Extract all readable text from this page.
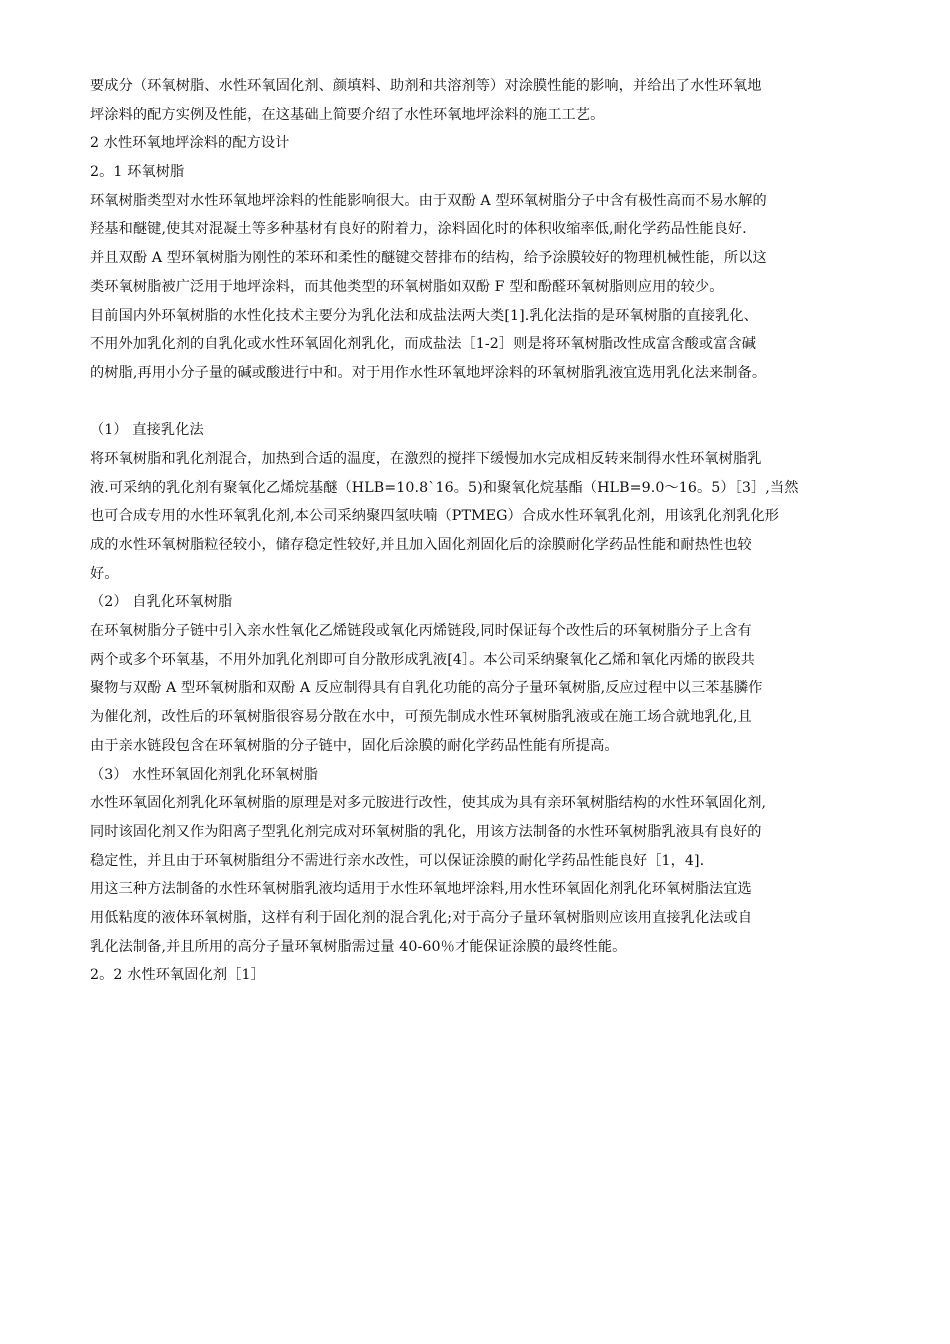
要成分（环氧树脂、水性环氧固化剂、颜填料、助剂和共溶剂等）对涂膜性能的影响，并给出了水性环氧地
坪涂料的配方实例及性能，在这基础上简要介绍了水性环氧地坪涂料的施工工艺。
2 水性环氧地坪涂料的配方设计
2。1 环氧树脂
环氧树脂类型对水性环氧地坪涂料的性能影响很大。由于双酚 A 型环氧树脂分子中含有极性高而不易水解的
羟基和醚键,使其对混凝土等多种基材有良好的附着力，涂料固化时的体积收缩率低,耐化学药品性能良好.
并且双酚 A 型环氧树脂为刚性的苯环和柔性的醚键交替排布的结构，给予涂膜较好的物理机械性能，所以这
类环氧树脂被广泛用于地坪涂料，而其他类型的环氧树脂如双酚 F 型和酚醛环氧树脂则应用的较少。
目前国内外环氧树脂的水性化技术主要分为乳化法和成盐法两大类[1].乳化法指的是环氧树脂的直接乳化、
不用外加乳化剂的自乳化或水性环氧固化剂乳化，而成盐法［1-2］则是将环氧树脂改性成富含酸或富含碱
的树脂,再用小分子量的碱或酸进行中和。对于用作水性环氧地坪涂料的环氧树脂乳液宜选用乳化法来制备。
（1） 直接乳化法
将环氧树脂和乳化剂混合，加热到合适的温度，在激烈的搅拌下缓慢加水完成相反转来制得水性环氧树脂乳
液.可采纳的乳化剂有聚氧化乙烯烷基醚（HLB=10.8`16。5)和聚氧化烷基酯（HLB=9.0～16。5）［3］,当然
也可合成专用的水性环氧乳化剂,本公司采纳聚四氢呋喃（PTMEG）合成水性环氧乳化剂，用该乳化剂乳化形
成的水性环氧树脂粒径较小，储存稳定性较好,并且加入固化剂固化后的涂膜耐化学药品性能和耐热性也较
好。
（2） 自乳化环氧树脂
在环氧树脂分子链中引入亲水性氧化乙烯链段或氧化丙烯链段,同时保证每个改性后的环氧树脂分子上含有
两个或多个环氧基，不用外加乳化剂即可自分散形成乳液[4］。本公司采纳聚氧化乙烯和氧化丙烯的嵌段共
聚物与双酚 A 型环氧树脂和双酚 A 反应制得具有自乳化功能的高分子量环氧树脂,反应过程中以三苯基膦作
为催化剂，改性后的环氧树脂很容易分散在水中，可预先制成水性环氧树脂乳液或在施工场合就地乳化,且
由于亲水链段包含在环氧树脂的分子链中，固化后涂膜的耐化学药品性能有所提高。
（3） 水性环氧固化剂乳化环氧树脂
水性环氧固化剂乳化环氧树脂的原理是对多元胺进行改性，使其成为具有亲环氧树脂结构的水性环氧固化剂,
同时该固化剂又作为阳离子型乳化剂完成对环氧树脂的乳化，用该方法制备的水性环氧树脂乳液具有良好的
稳定性，并且由于环氧树脂组分不需进行亲水改性，可以保证涂膜的耐化学药品性能良好［1，4].
用这三种方法制备的水性环氧树脂乳液均适用于水性环氧地坪涂料,用水性环氧固化剂乳化环氧树脂法宜选
用低粘度的液体环氧树脂，这样有利于固化剂的混合乳化;对于高分子量环氧树脂则应该用直接乳化法或自
乳化法制备,并且所用的高分子量环氧树脂需过量 40-60％才能保证涂膜的最终性能。
2。2 水性环氧固化剂［1］
